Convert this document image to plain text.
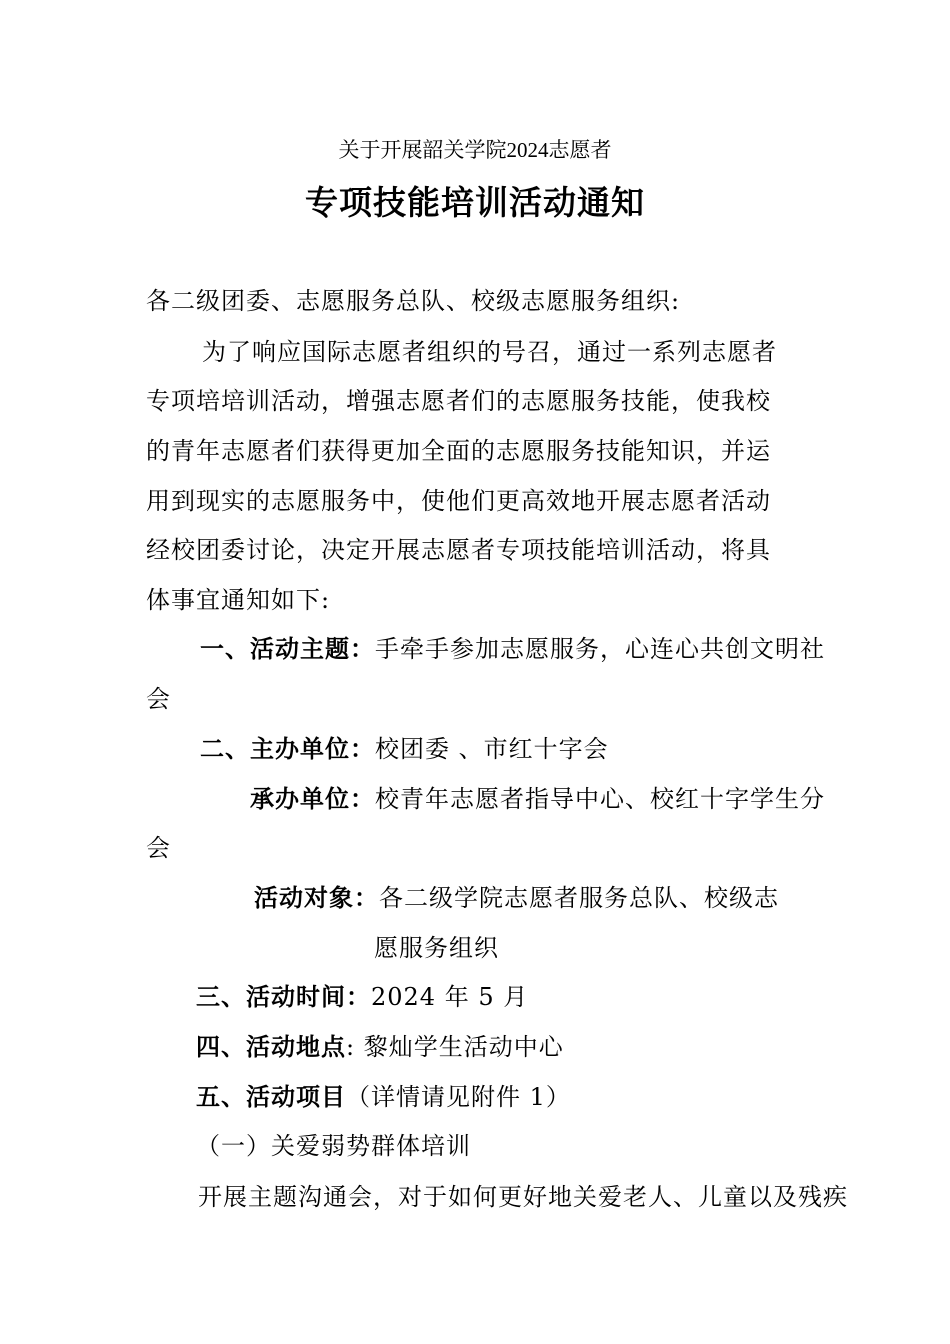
关于开展韶关学院2024志愿者
专项技能培训活动通知
各二级团委、志愿服务总队、校级志愿服务组织:
为了响应国际志愿者组织的号召，通过一系列志愿者
专项培培训活动，增强志愿者们的志愿服务技能，使我校
的青年志愿者们获得更加全面的志愿服务技能知识，并运
用到现实的志愿服务中，使他们更高效地开展志愿者活动
经校团委讨论，决定开展志愿者专项技能培训活动，将具
体事宜通知如下:
一、活动主题：手牵手参加志愿服务，心连心共创文明社
会
二、主办单位：校团委 、市红十字会
承办单位：校青年志愿者指导中心、校红十字学生分
会
活动对象：各二级学院志愿者服务总队、校级志
愿服务组织
三、活动时间：2024 年 5 月
四、活动地点: 黎灿学生活动中心
五、活动项目（详情请见附件 1）
（一）关爱弱势群体培训
开展主题沟通会，对于如何更好地关爱老人、儿童以及残疾
